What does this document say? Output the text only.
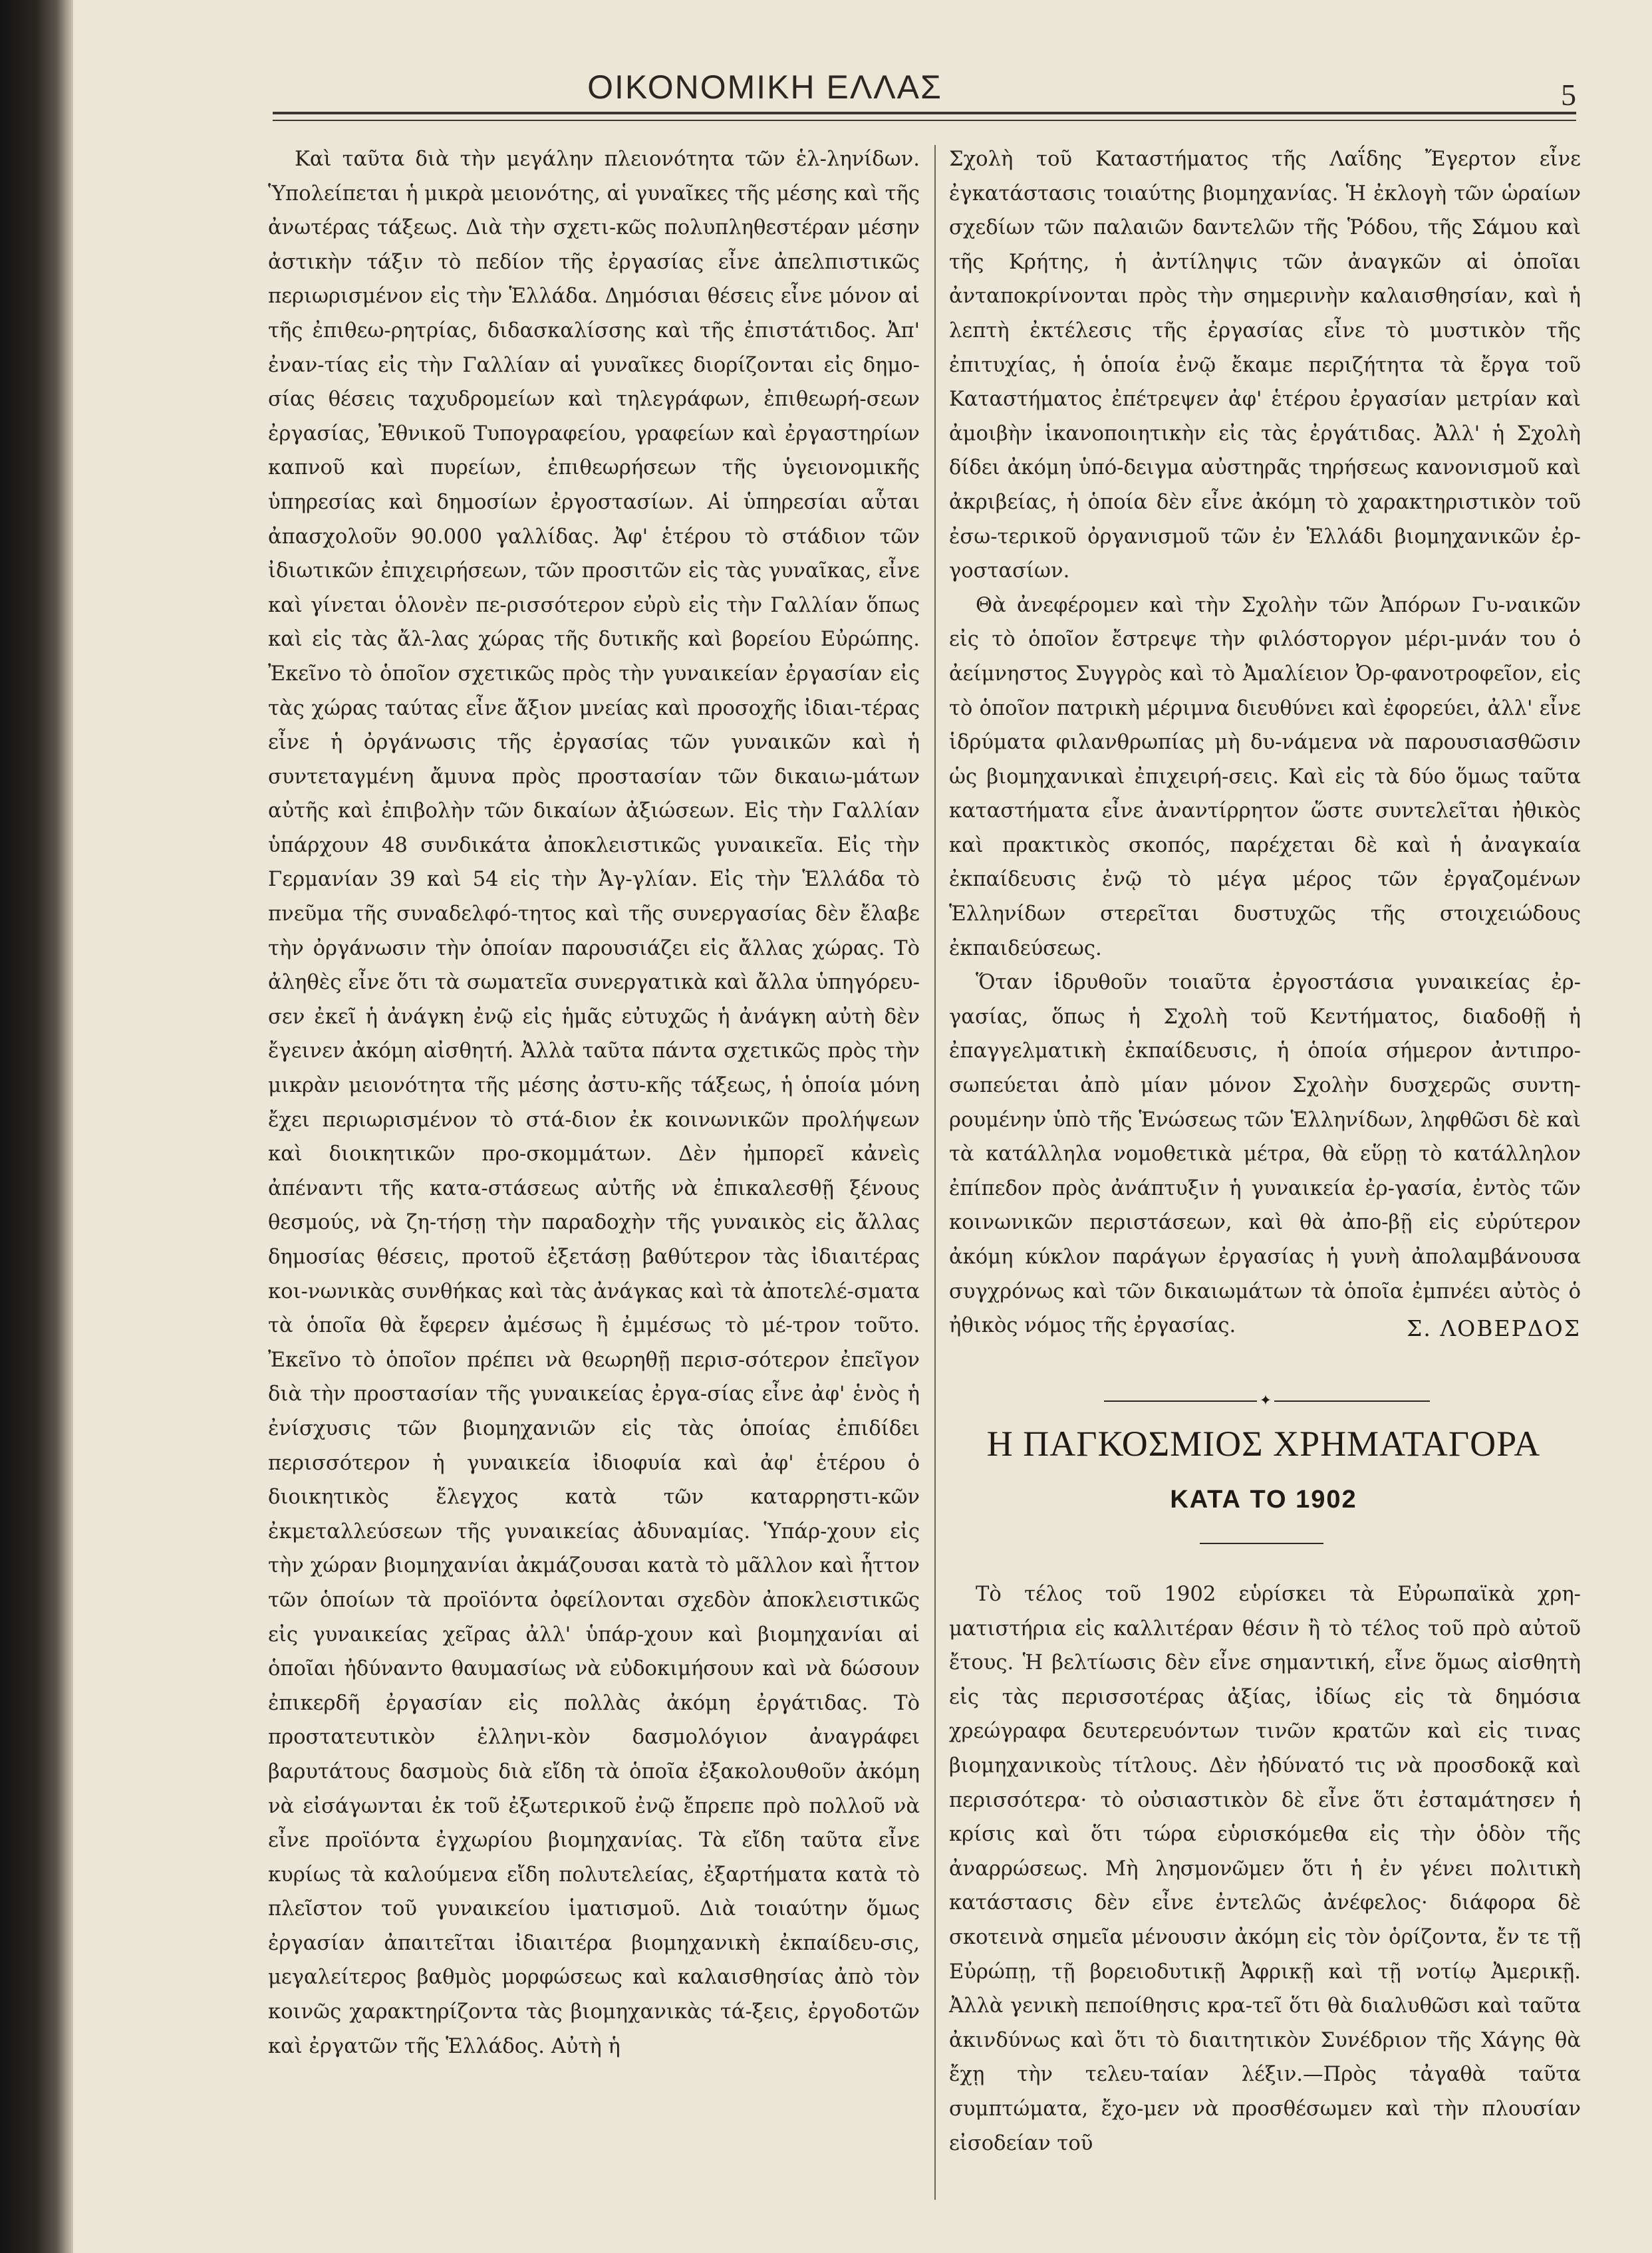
ΟΙΚΟΝΟΜΙΚΗ ΕΛΛΑΣ	5

Καὶ ταῦτα διὰ τὴν μεγάλην πλειονότητα τῶν ἑλ-ληνίδων. Ὑπολείπεται ἡ μικρὰ μειονότης, αἱ γυναῖκες τῆς μέσης καὶ τῆς ἀνωτέρας τάξεως. Διὰ τὴν σχετι-κῶς πολυπληθεστέραν μέσην ἀστικὴν τάξιν τὸ πεδίον τῆς ἐργασίας εἶνε ἀπελπιστικῶς περιωρισμένον εἰς τὴν Ἑλλάδα. Δημόσιαι θέσεις εἶνε μόνον αἱ τῆς ἐπιθεω-ρητρίας, διδασκαλίσσης καὶ τῆς ἐπιστάτιδος. Ἀπ' ἐναν-τίας εἰς τὴν Γαλλίαν αἱ γυναῖκες διορίζονται εἰς δημο-σίας θέσεις ταχυδρομείων καὶ τηλεγράφων, ἐπιθεωρή-σεων ἐργασίας, Ἐθνικοῦ Τυπογραφείου, γραφείων καὶ ἐργαστηρίων καπνοῦ καὶ πυρείων, ἐπιθεωρήσεων τῆς ὑγειονομικῆς ὑπηρεσίας καὶ δημοσίων ἐργοστασίων. Αἱ ὑπηρεσίαι αὗται ἀπασχολοῦν 90.000 γαλλίδας. Ἀφ' ἑτέρου τὸ στάδιον τῶν ἰδιωτικῶν ἐπιχειρήσεων, τῶν προσιτῶν εἰς τὰς γυναῖκας, εἶνε καὶ γίνεται ὁλονὲν πε-ρισσότερον εὐρὺ εἰς τὴν Γαλλίαν ὅπως καὶ εἰς τὰς ἄλ-λας χώρας τῆς δυτικῆς καὶ βορείου Εὐρώπης. Ἐκεῖνο τὸ ὁποῖον σχετικῶς πρὸς τὴν γυναικείαν ἐργασίαν εἰς τὰς χώρας ταύτας εἶνε ἄξιον μνείας καὶ προσοχῆς ἰδιαι-τέρας εἶνε ἡ ὀργάνωσις τῆς ἐργασίας τῶν γυναικῶν καὶ ἡ συντεταγμένη ἄμυνα πρὸς προστασίαν τῶν δικαιω-μάτων αὐτῆς καὶ ἐπιβολὴν τῶν δικαίων ἀξιώσεων. Εἰς τὴν Γαλλίαν ὑπάρχουν 48 συνδικάτα ἀποκλειστικῶς γυναικεῖα. Εἰς τὴν Γερμανίαν 39 καὶ 54 εἰς τὴν Ἀγ-γλίαν. Εἰς τὴν Ἑλλάδα τὸ πνεῦμα τῆς συναδελφό-τητος καὶ τῆς συνεργασίας δὲν ἔλαβε τὴν ὀργάνωσιν τὴν ὁποίαν παρουσιάζει εἰς ἄλλας χώρας. Τὸ ἀληθὲς εἶνε ὅτι τὰ σωματεῖα συνεργατικὰ καὶ ἄλλα ὑπηγόρευ-σεν ἐκεῖ ἡ ἀνάγκη ἐνῷ εἰς ἡμᾶς εὐτυχῶς ἡ ἀνάγκη αὐτὴ δὲν ἔγεινεν ἀκόμη αἰσθητή. Ἀλλὰ ταῦτα πάντα σχετικῶς πρὸς τὴν μικρὰν μειονότητα τῆς μέσης ἀστυ-κῆς τάξεως, ἡ ὁποία μόνη ἔχει περιωρισμένον τὸ στά-διον ἐκ κοινωνικῶν προλήψεων καὶ διοικητικῶν προ-σκομμάτων. Δὲν ἠμπορεῖ κἀνεὶς ἀπέναντι τῆς κατα-στάσεως αὐτῆς νὰ ἐπικαλεσθῇ ξένους θεσμούς, νὰ ζη-τήσῃ τὴν παραδοχὴν τῆς γυναικὸς εἰς ἄλλας δημοσίας θέσεις, προτοῦ ἐξετάσῃ βαθύτερον τὰς ἰδιαιτέρας κοι-νωνικὰς συνθήκας καὶ τὰς ἀνάγκας καὶ τὰ ἀποτελέ-σματα τὰ ὁποῖα θὰ ἔφερεν ἀμέσως ἢ ἐμμέσως τὸ μέ-τρον τοῦτο. Ἐκεῖνο τὸ ὁποῖον πρέπει νὰ θεωρηθῇ περισ-σότερον ἐπεῖγον διὰ τὴν προστασίαν τῆς γυναικείας ἐργα-σίας εἶνε ἀφ' ἑνὸς ἡ ἐνίσχυσις τῶν βιομηχανιῶν εἰς τὰς ὁποίας ἐπιδίδει περισσότερον ἡ γυναικεία ἰδιοφυία καὶ ἀφ' ἑτέρου ὁ διοικητικὸς ἔλεγχος κατὰ τῶν καταρρηστι-κῶν ἐκμεταλλεύσεων τῆς γυναικείας ἀδυναμίας. Ὑπάρ-χουν εἰς τὴν χώραν βιομηχανίαι ἀκμάζουσαι κατὰ τὸ μᾶλλον καὶ ἧττον τῶν ὁποίων τὰ προϊόντα ὀφείλονται σχεδὸν ἀποκλειστικῶς εἰς γυναικείας χεῖρας ἀλλ' ὑπάρ-χουν καὶ βιομηχανίαι αἱ ὁποῖαι ἠδύναντο θαυμασίως νὰ εὐδοκιμήσουν καὶ νὰ δώσουν ἐπικερδῆ ἐργασίαν εἰς πολλὰς ἀκόμη ἐργάτιδας. Τὸ προστατευτικὸν ἑλληνι-κὸν δασμολόγιον ἀναγράφει βαρυτάτους δασμοὺς διὰ εἴδη τὰ ὁποῖα ἐξακολουθοῦν ἀκόμη νὰ εἰσάγωνται ἐκ τοῦ ἐξωτερικοῦ ἐνῷ ἔπρεπε πρὸ πολλοῦ νὰ εἶνε προϊόντα ἐγχωρίου βιομηχανίας. Τὰ εἴδη ταῦτα εἶνε κυρίως τὰ καλούμενα εἴδη πολυτελείας, ἐξαρτήματα κατὰ τὸ πλεῖστον τοῦ γυναικείου ἱματισμοῦ. Διὰ τοιαύτην ὅμως ἐργασίαν ἀπαιτεῖται ἰδιαιτέρα βιομηχανικὴ ἐκπαίδευ-σις, μεγαλείτερος βαθμὸς μορφώσεως καὶ καλαισθησίας ἀπὸ τὸν κοινῶς χαρακτηρίζοντα τὰς βιομηχανικὰς τά-ξεις, ἐργοδοτῶν καὶ ἐργατῶν τῆς Ἑλλάδος. Αὐτὴ ἡ

Σχολὴ τοῦ Καταστήματος τῆς Λαΐδης Ἔγερτον εἶνε ἐγκατάστασις τοιαύτης βιομηχανίας. Ἡ ἐκλογὴ τῶν ὡραίων σχεδίων τῶν παλαιῶν δαντελῶν τῆς Ῥόδου, τῆς Σάμου καὶ τῆς Κρήτης, ἡ ἀντίληψις τῶν ἀναγκῶν αἱ ὁποῖαι ἀνταποκρίνονται πρὸς τὴν σημερινὴν καλαισθησίαν, καὶ ἡ λεπτὴ ἐκτέλεσις τῆς ἐργασίας εἶνε τὸ μυστικὸν τῆς ἐπιτυχίας, ἡ ὁποία ἐνῷ ἔκαμε περιζήτητα τὰ ἔργα τοῦ Καταστήματος ἐπέτρεψεν ἀφ' ἑτέρου ἐργασίαν μετρίαν καὶ ἀμοιβὴν ἱκανοποιητικὴν εἰς τὰς ἐργάτιδας. Ἀλλ' ἡ Σχολὴ δίδει ἀκόμη ὑπό-δειγμα αὐστηρᾶς τηρήσεως κανονισμοῦ καὶ ἀκριβείας, ἡ ὁποία δὲν εἶνε ἀκόμη τὸ χαρακτηριστικὸν τοῦ ἐσω-τερικοῦ ὀργανισμοῦ τῶν ἐν Ἑλλάδι βιομηχανικῶν ἐρ-γοστασίων.

Θὰ ἀνεφέρομεν καὶ τὴν Σχολὴν τῶν Ἀπόρων Γυ-ναικῶν εἰς τὸ ὁποῖον ἔστρεψε τὴν φιλόστοργον μέρι-μνάν του ὁ ἀείμνηστος Συγγρὸς καὶ τὸ Ἀμαλίειον Ὀρ-φανοτροφεῖον, εἰς τὸ ὁποῖον πατρικὴ μέριμνα διευθύνει καὶ ἐφορεύει, ἀλλ' εἶνε ἱδρύματα φιλανθρωπίας μὴ δυ-νάμενα νὰ παρουσιασθῶσιν ὡς βιομηχανικαὶ ἐπιχειρή-σεις. Καὶ εἰς τὰ δύο ὅμως ταῦτα καταστήματα εἶνε ἀναντίρρητον ὥστε συντελεῖται ἠθικὸς καὶ πρακτικὸς σκοπός, παρέχεται δὲ καὶ ἡ ἀναγκαία ἐκπαίδευσις ἐνῷ τὸ μέγα μέρος τῶν ἐργαζομένων Ἑλληνίδων στερεῖται δυστυχῶς τῆς στοιχειώδους ἐκπαιδεύσεως.

Ὅταν ἱδρυθοῦν τοιαῦτα ἐργοστάσια γυναικείας ἐρ-γασίας, ὅπως ἡ Σχολὴ τοῦ Κεντήματος, διαδοθῇ ἡ ἐπαγγελματικὴ ἐκπαίδευσις, ἡ ὁποία σήμερον ἀντιπρο-σωπεύεται ἀπὸ μίαν μόνον Σχολὴν δυσχερῶς συντη-ρουμένην ὑπὸ τῆς Ἑνώσεως τῶν Ἑλληνίδων, ληφθῶσι δὲ καὶ τὰ κατάλληλα νομοθετικὰ μέτρα, θὰ εὕρῃ τὸ κατάλληλον ἐπίπεδον πρὸς ἀνάπτυξιν ἡ γυναικεία ἐρ-γασία, ἐντὸς τῶν κοινωνικῶν περιστάσεων, καὶ θὰ ἀπο-βῇ εἰς εὐρύτερον ἀκόμη κύκλον παράγων ἐργασίας ἡ γυνὴ ἀπολαμβάνουσα συγχρόνως καὶ τῶν δικαιωμάτων τὰ ὁποῖα ἐμπνέει αὐτὸς ὁ ἠθικὸς νόμος τῆς ἐργασίας.	Σ. ΛΟΒΕΡΔΟΣ
✦
Η ΠΑΓΚΟΣΜΙΟΣ ΧΡΗΜΑΤΑΓΟΡΑ
ΚΑΤΑ ΤΟ 1902

Τὸ τέλος τοῦ 1902 εὑρίσκει τὰ Εὐρωπαϊκὰ χρη-ματιστήρια εἰς καλλιτέραν θέσιν ἢ τὸ τέλος τοῦ πρὸ αὐτοῦ ἔτους. Ἡ βελτίωσις δὲν εἶνε σημαντική, εἶνε ὅμως αἰσθητὴ εἰς τὰς περισσοτέρας ἀξίας, ἰδίως εἰς τὰ δημόσια χρεώγραφα δευτερευόντων τινῶν κρατῶν καὶ εἰς τινας βιομηχανικοὺς τίτλους. Δὲν ἠδύνατό τις νὰ προσδοκᾷ καὶ περισσότερα· τὸ οὐσιαστικὸν δὲ εἶνε ὅτι ἐσταμάτησεν ἡ κρίσις καὶ ὅτι τώρα εὑρισκόμεθα εἰς τὴν ὁδὸν τῆς ἀναρρώσεως. Μὴ λησμονῶμεν ὅτι ἡ ἐν γένει πολιτικὴ κατάστασις δὲν εἶνε ἐντελῶς ἀνέφελος· διάφορα δὲ σκοτεινὰ σημεῖα μένουσιν ἀκόμη εἰς τὸν ὁρίζοντα, ἔν τε τῇ Εὐρώπῃ, τῇ βορειοδυτικῇ Ἀφρικῇ καὶ τῇ νοτίῳ Ἀμερικῇ. Ἀλλὰ γενικὴ πεποίθησις κρα-τεῖ ὅτι θὰ διαλυθῶσι καὶ ταῦτα ἀκινδύνως καὶ ὅτι τὸ διαιτητικὸν Συνέδριον τῆς Χάγης θὰ ἔχῃ τὴν τελευ-ταίαν λέξιν.—Πρὸς τἀγαθὰ ταῦτα συμπτώματα, ἔχο-μεν νὰ προσθέσωμεν καὶ τὴν πλουσίαν εἰσοδείαν τοῦ
